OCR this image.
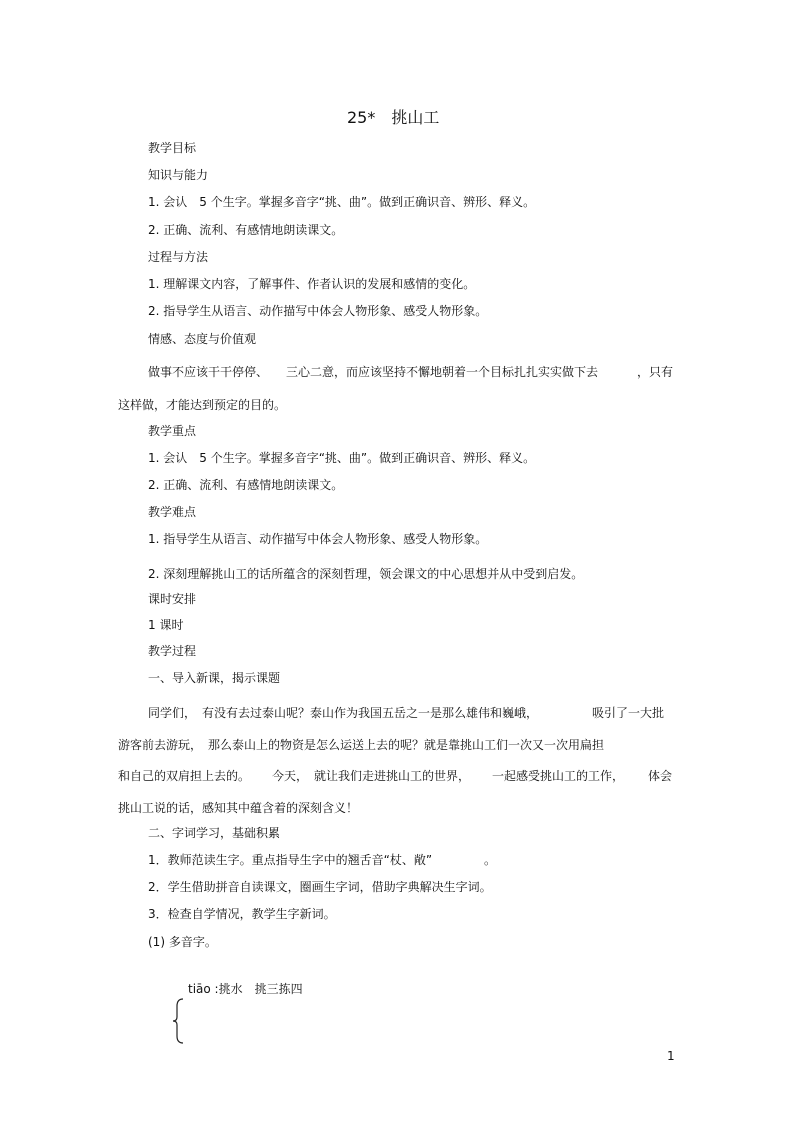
25*　挑山工
教学目标
知识与能力
1. 会认　5 个生字。掌握多音字“挑、曲”。做到正确识音、辨形、释义。
2. 正确、流利、有感情地朗读课文。
过程与方法
1. 理解课文内容，了解事件、作者认识的发展和感情的变化。
2. 指导学生从语言、动作描写中体会人物形象、感受人物形象。
情感、态度与价值观
做事不应该干干停停、 三心二意，而应该坚持不懈地朝着一个目标扎扎实实做下去	，只有
这样做，才能达到预定的目的。
教学重点
1. 会认　5 个生字。掌握多音字“挑、曲”。做到正确识音、辨形、释义。
2. 正确、流利、有感情地朗读课文。
教学难点
1. 指导学生从语言、动作描写中体会人物形象、感受人物形象。
2. 深刻理解挑山工的话所蕴含的深刻哲理，领会课文的中心思想并从中受到启发。
课时安排
1 课时
教学过程
一、导入新课，揭示课题
同学们，　有没有去过泰山呢？泰山作为我国五岳之一是那么雄伟和巍峨，	吸引了一大批
游客前去游玩，　那么泰山上的物资是怎么运送上去的呢？就是靠挑山工们一次又一次用扁担
和自己的双肩担上去的。 今天，　就让我们走进挑山工的世界， 一起感受挑山工的工作， 体会
挑山工说的话，感知其中蕴含着的深刻含义！
二、字词学习，基础积累
1．教师范读生字。重点指导生字中的翘舌音“杖、敞”	。
2．学生借助拼音自读课文，圈画生字词，借助字典解决生字词。
3．检查自学情况，教学生字新词。
(1) 多音字。
tiāo :挑水　挑三拣四
1
